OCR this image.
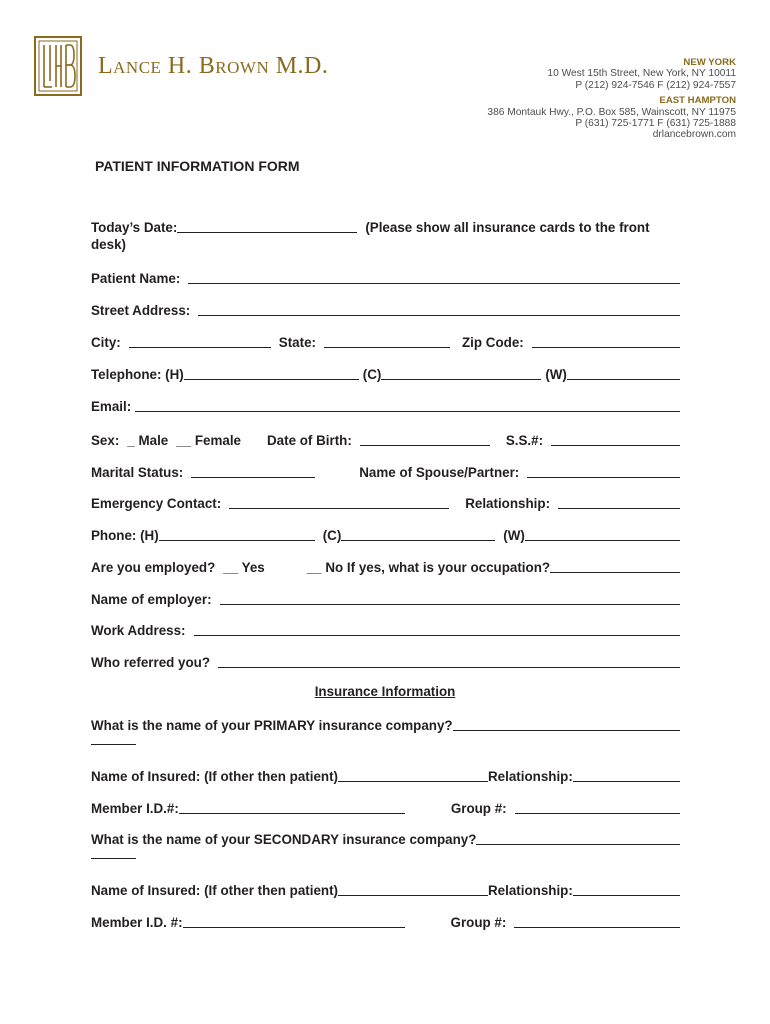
Lance H. Brown M.D.	NEW YORK
10 West 15th Street, New York, NY 10011
P (212) 924-7546 F (212) 924-7557
EAST HAMPTON
386 Montauk Hwy., P.O. Box 585, Wainscott, NY 11975
P (631) 725-1771 F (631) 725-1888
drlancebrown.com
PATIENT INFORMATION FORM
Today’s Date:	(Please show all insurance cards to the front
desk)
Patient Name:
Street Address:
City:	State:	Zip Code:
Telephone: (H)	(C)	(W)
Email:
Sex: _ Male __ Female Date of Birth:	S.S.#:
Marital Status:	Name of Spouse/Partner:
Emergency Contact:	Relationship:
Phone: (H)	(C)	(W)
Are you employed? __ Yes	__ No If yes, what is your occupation?
Name of employer:
Work Address:
Who referred you?
Insurance Information
What is the name of your PRIMARY insurance company?
Name of Insured: (If other then patient)	Relationship:
Member I.D.#:	Group #:
What is the name of your SECONDARY insurance company?
Name of Insured: (If other then patient)	Relationship:
Member I.D. #:	Group #:
